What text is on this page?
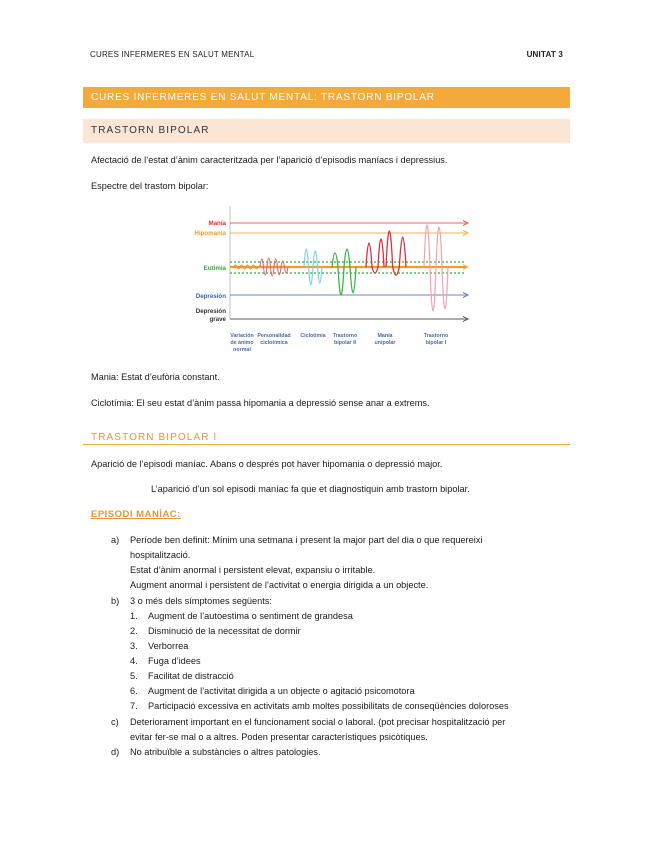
CURES INFERMERES EN SALUT MENTAL	UNITAT 3
CURES INFERMERES EN SALUT MENTAL: TRASTORN BIPOLAR
TRASTORN BIPOLAR
Afectació de l’estat d’ànim caracteritzada per l’aparició d’episodis maníacs i depressius.
Espectre del trastorn bipolar:
Manía
Hipomanía
Eutimia
Depresión
Depresión
grave
Variación
de ánimo
normal
Personalidad
ciclotímica
Ciclotimia Trastorno
bipolar II
Manía
unipolar
Trastorno
bipolar I
Mania: Estat d’eufòria constant.
Ciclotímia: El seu estat d’ànim passa hipomania a depressió sense anar a extrems.
TRASTORN BIPOLAR I
Aparició de l’episodi maníac. Abans o després pot haver hipomania o depressió major.
L’aparició d’un sol episodi maníac fa que et diagnostiquin amb trastorn bipolar.
EPISODI MANÍAC:
a) Període ben definit: Mínim una setmana i present la major part del dia o que requereixi
hospitalització.
Estat d’ànim anormal i persistent elevat, expansiu o irritable.
Augment anormal i persistent de l’activitat o energia dirigida a un objecte.
b) 3 o més dels símptomes següents:
1. Augment de l’autoestima o sentiment de grandesa
2. Disminució de la necessitat de dormir
3. Verborrea
4. Fuga d’idees
5. Facilitat de distracció
6. Augment de l’activitat dirigida a un objecte o agitació psicomotora
7. Participació excessiva en activitats amb moltes possibilitats de conseqüències doloroses
c) Deteriorament important en el funcionament social o laboral. (pot precisar hospitalització per
evitar fer-se mal o a altres. Poden presentar característiques psicòtiques.
d) No atribuïble a substàncies o altres patologies.
